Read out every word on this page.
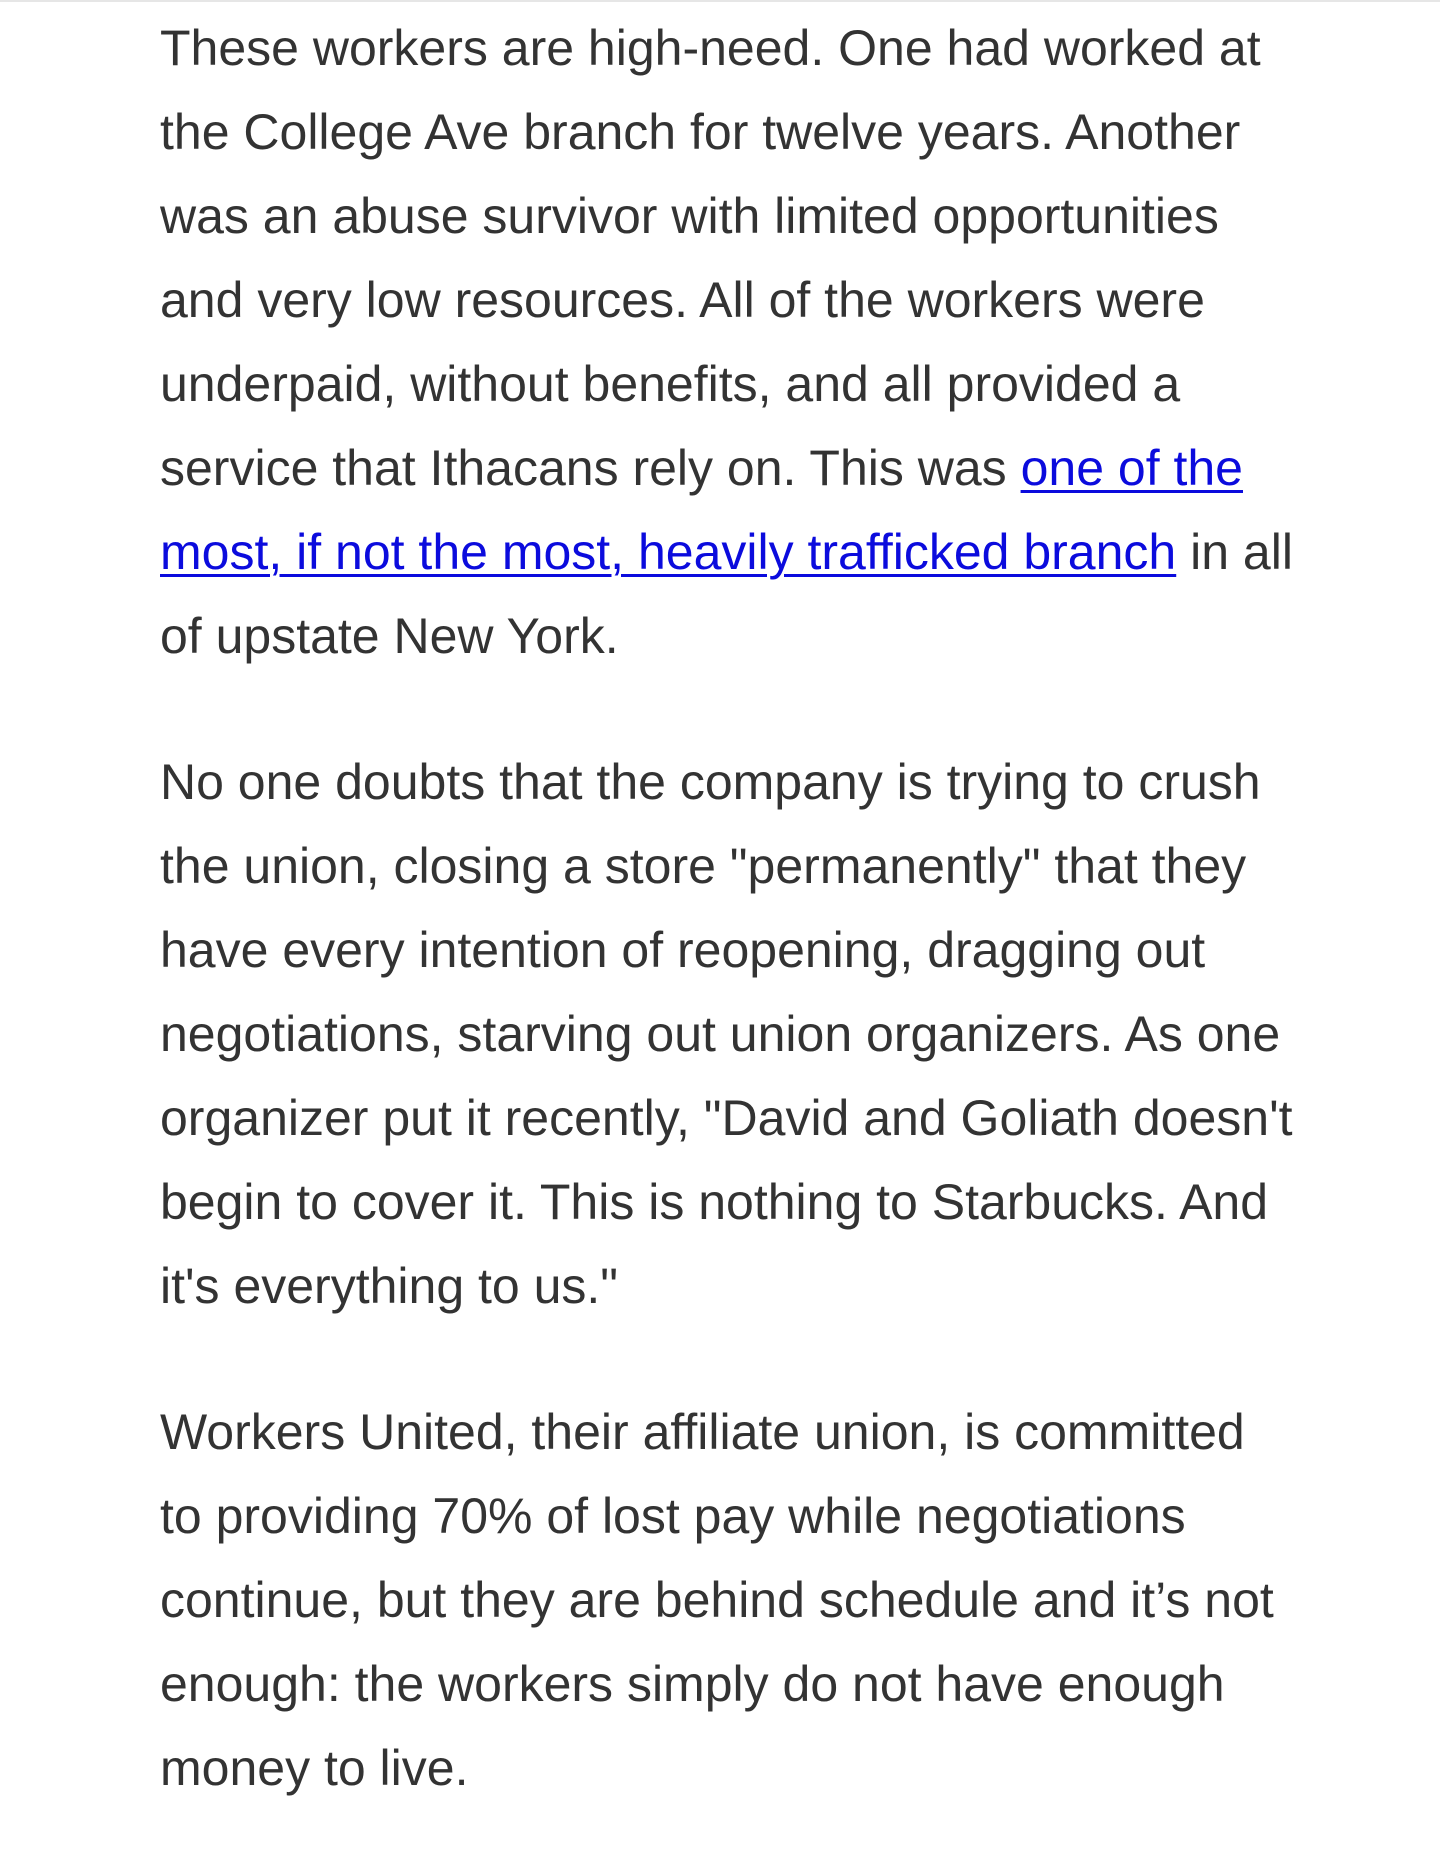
These workers are high-need. One had worked at the College Ave branch for twelve years. Another was an abuse survivor with limited opportunities and very low resources. All of the workers were underpaid, without benefits, and all provided a service that Ithacans rely on. This was one of the most, if not the most, heavily trafficked branch in all of upstate New York.

No one doubts that the company is trying to crush the union, closing a store "permanently" that they have every intention of reopening, dragging out negotiations, starving out union organizers. As one organizer put it recently, "David and Goliath doesn't begin to cover it. This is nothing to Starbucks. And it's everything to us."

Workers United, their affiliate union, is committed to providing 70% of lost pay while negotiations continue, but they are behind schedule and it’s not enough: the workers simply do not have enough money to live.
